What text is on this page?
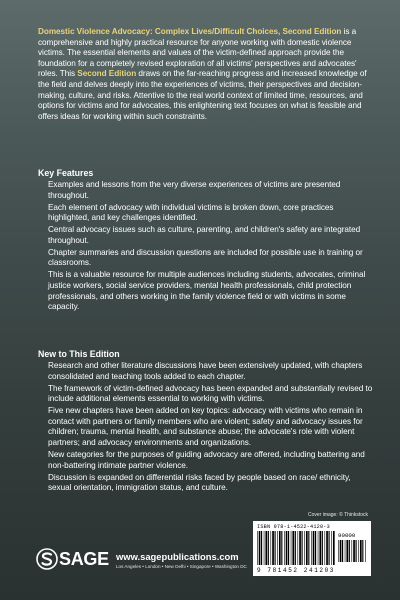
Domestic Violence Advocacy: Complex Lives/Difficult Choices, Second Edition is a comprehensive and highly practical resource for anyone working with domestic violence victims. The essential elements and values of the victim-defined approach provide the foundation for a completely revised exploration of all victims' perspectives and advocates' roles. This Second Edition draws on the far-reaching progress and increased knowledge of the field and delves deeply into the experiences of victims, their perspectives and decision-making, culture, and risks. Attentive to the real world context of limited time, resources, and options for victims and for advocates, this enlightening text focuses on what is feasible and offers ideas for working within such constraints.

Key Features
Examples and lessons from the very diverse experiences of victims are presented throughout.
Each element of advocacy with individual victims is broken down, core practices highlighted, and key challenges identified.
Central advocacy issues such as culture, parenting, and children's safety are integrated throughout.
Chapter summaries and discussion questions are included for possible use in training or classrooms.
This is a valuable resource for multiple audiences including students, advocates, criminal justice workers, social service providers, mental health professionals, child protection professionals, and others working in the family violence field or with victims in some capacity.
New to This Edition
Research and other literature discussions have been extensively updated, with chapters consolidated and teaching tools added to each chapter.
The framework of victim-defined advocacy has been expanded and substantially revised to include additional elements essential to working with victims.
Five new chapters have been added on key topics: advocacy with victims who remain in contact with partners or family members who are violent; safety and advocacy issues for children; trauma, mental health, and substance abuse; the advocate's role with violent partners; and advocacy environments and organizations.
New categories for the purposes of guiding advocacy are offered, including battering and non-battering intimate partner violence.
Discussion is expanded on differential risks faced by people based on race/ ethnicity, sexual orientation, immigration status, and culture.
Cover image: © Thinkstock
ISBN 978-1-4522-4120-3
90000
9 781452 241203
SAGE www.sagepublications.com
Los Angeles • London • New Delhi • Singapore • Washington DC
